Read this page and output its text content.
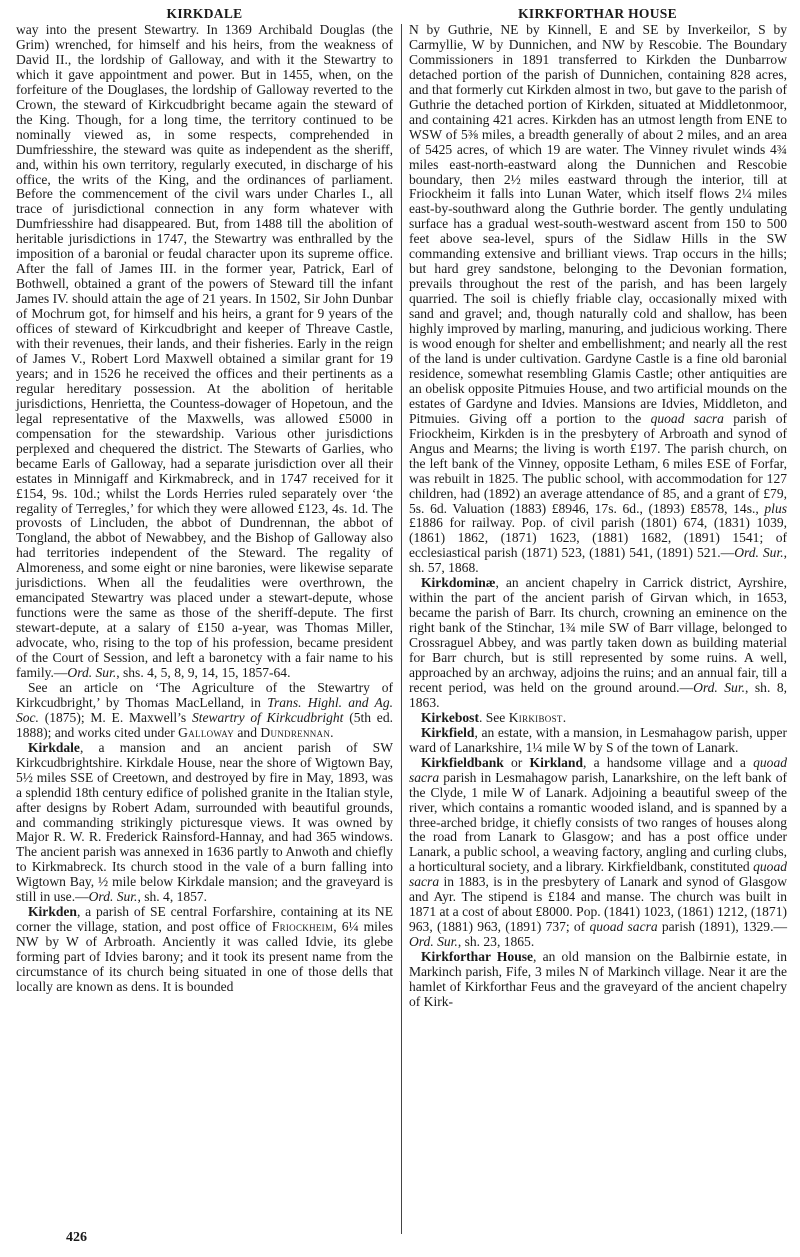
KIRKDALE	KIRKFORTHAR HOUSE

way into the present Stewartry. In 1369 Archibald Douglas (the Grim) wrenched, for himself and his heirs, from the weakness of David II., the lordship of Galloway, and with it the Stewartry to which it gave appointment and power. But in 1455, when, on the forfeiture of the Douglases, the lordship of Galloway reverted to the Crown, the steward of Kirkcudbright became again the steward of the King. Though, for a long time, the territory continued to be nominally viewed as, in some respects, comprehended in Dumfriesshire, the steward was quite as independent as the sheriff, and, within his own territory, regularly executed, in discharge of his office, the writs of the King, and the ordinances of parliament. Before the commencement of the civil wars under Charles I., all trace of jurisdictional connection in any form whatever with Dumfriesshire had disappeared. But, from 1488 till the abolition of heritable jurisdictions in 1747, the Stewartry was enthralled by the imposition of a baronial or feudal character upon its supreme office. After the fall of James III. in the former year, Patrick, Earl of Bothwell, obtained a grant of the powers of Steward till the infant James IV. should attain the age of 21 years. In 1502, Sir John Dunbar of Mochrum got, for himself and his heirs, a grant for 9 years of the offices of steward of Kirkcudbright and keeper of Threave Castle, with their revenues, their lands, and their fisheries. Early in the reign of James V., Robert Lord Maxwell obtained a similar grant for 19 years; and in 1526 he received the offices and their pertinents as a regular hereditary possession. At the abolition of heritable jurisdictions, Henrietta, the Countess-dowager of Hopetoun, and the legal representative of the Maxwells, was allowed £5000 in compensation for the stewardship. Various other jurisdictions perplexed and chequered the district. The Stewarts of Garlies, who became Earls of Galloway, had a separate jurisdiction over all their estates in Minnigaff and Kirkmabreck, and in 1747 received for it £154, 9s. 10d.; whilst the Lords Herries ruled separately over ‘the regality of Terregles,’ for which they were allowed £123, 4s. 1d. The provosts of Lincluden, the abbot of Dundrennan, the abbot of Tongland, the abbot of Newabbey, and the Bishop of Galloway also had territories independent of the Steward. The regality of Almoreness, and some eight or nine baronies, were likewise separate jurisdictions. When all the feudalities were overthrown, the emancipated Stewartry was placed under a stewart-depute, whose functions were the same as those of the sheriff-depute. The first stewart-depute, at a salary of £150 a-year, was Thomas Miller, advocate, who, rising to the top of his profession, became president of the Court of Session, and left a baronetcy with a fair name to his family.—Ord. Sur., shs. 4, 5, 8, 9, 14, 15, 1857-64.

See an article on ‘The Agriculture of the Stewartry of Kirkcudbright,’ by Thomas MacLelland, in Trans. Highl. and Ag. Soc. (1875); M. E. Maxwell’s Stewartry of Kirkcudbright (5th ed. 1888); and works cited under Galloway and Dundrennan.

Kirkdale, a mansion and an ancient parish of SW Kirkcudbrightshire. Kirkdale House, near the shore of Wigtown Bay, 5½ miles SSE of Creetown, and destroyed by fire in May, 1893, was a splendid 18th century edifice of polished granite in the Italian style, after designs by Robert Adam, surrounded with beautiful grounds, and commanding strikingly picturesque views. It was owned by Major R. W. R. Frederick Rainsford-Hannay, and had 365 windows. The ancient parish was annexed in 1636 partly to Anwoth and chiefly to Kirkmabreck. Its church stood in the vale of a burn falling into Wigtown Bay, ½ mile below Kirkdale mansion; and the graveyard is still in use.—Ord. Sur., sh. 4, 1857.

Kirkden, a parish of SE central Forfarshire, containing at its NE corner the village, station, and post office of Friockheim, 6¼ miles NW by W of Arbroath. Anciently it was called Idvie, its glebe forming part of Idvies barony; and it took its present name from the circumstance of its church being situated in one of those dells that locally are known as dens. It is bounded

N by Guthrie, NE by Kinnell, E and SE by Inverkeilor, S by Carmyllie, W by Dunnichen, and NW by Rescobie. The Boundary Commissioners in 1891 transferred to Kirkden the Dunbarrow detached portion of the parish of Dunnichen, containing 828 acres, and that formerly cut Kirkden almost in two, but gave to the parish of Guthrie the detached portion of Kirkden, situated at Middletonmoor, and containing 421 acres. Kirkden has an utmost length from ENE to WSW of 5⅜ miles, a breadth generally of about 2 miles, and an area of 5425 acres, of which 19 are water. The Vinney rivulet winds 4¾ miles east-north-eastward along the Dunnichen and Rescobie boundary, then 2½ miles eastward through the interior, till at Friockheim it falls into Lunan Water, which itself flows 2¼ miles east-by-southward along the Guthrie border. The gently undulating surface has a gradual west-south-westward ascent from 150 to 500 feet above sea-level, spurs of the Sidlaw Hills in the SW commanding extensive and brilliant views. Trap occurs in the hills; but hard grey sandstone, belonging to the Devonian formation, prevails throughout the rest of the parish, and has been largely quarried. The soil is chiefly friable clay, occasionally mixed with sand and gravel; and, though naturally cold and shallow, has been highly improved by marling, manuring, and judicious working. There is wood enough for shelter and embellishment; and nearly all the rest of the land is under cultivation. Gardyne Castle is a fine old baronial residence, somewhat resembling Glamis Castle; other antiquities are an obelisk opposite Pitmuies House, and two artificial mounds on the estates of Gardyne and Idvies. Mansions are Idvies, Middleton, and Pitmuies. Giving off a portion to the quoad sacra parish of Friockheim, Kirkden is in the presbytery of Arbroath and synod of Angus and Mearns; the living is worth £197. The parish church, on the left bank of the Vinney, opposite Letham, 6 miles ESE of Forfar, was rebuilt in 1825. The public school, with accommodation for 127 children, had (1892) an average attendance of 85, and a grant of £79, 5s. 6d. Valuation (1883) £8946, 17s. 6d., (1893) £8578, 14s., plus £1886 for railway. Pop. of civil parish (1801) 674, (1831) 1039, (1861) 1862, (1871) 1623, (1881) 1682, (1891) 1541; of ecclesiastical parish (1871) 523, (1881) 541, (1891) 521.—Ord. Sur., sh. 57, 1868.

Kirkdominæ, an ancient chapelry in Carrick district, Ayrshire, within the part of the ancient parish of Girvan which, in 1653, became the parish of Barr. Its church, crowning an eminence on the right bank of the Stinchar, 1¾ mile SW of Barr village, belonged to Crossraguel Abbey, and was partly taken down as building material for Barr church, but is still represented by some ruins. A well, approached by an archway, adjoins the ruins; and an annual fair, till a recent period, was held on the ground around.—Ord. Sur., sh. 8, 1863.

Kirkebost. See Kirkibost.

Kirkfield, an estate, with a mansion, in Lesmahagow parish, upper ward of Lanarkshire, 1¼ mile W by S of the town of Lanark.

Kirkfieldbank or Kirkland, a handsome village and a quoad sacra parish in Lesmahagow parish, Lanarkshire, on the left bank of the Clyde, 1 mile W of Lanark. Adjoining a beautiful sweep of the river, which contains a romantic wooded island, and is spanned by a three-arched bridge, it chiefly consists of two ranges of houses along the road from Lanark to Glasgow; and has a post office under Lanark, a public school, a weaving factory, angling and curling clubs, a horticultural society, and a library. Kirkfieldbank, constituted quoad sacra in 1883, is in the presbytery of Lanark and synod of Glasgow and Ayr. The stipend is £184 and manse. The church was built in 1871 at a cost of about £8000. Pop. (1841) 1023, (1861) 1212, (1871) 963, (1881) 963, (1891) 737; of quoad sacra parish (1891), 1329.—Ord. Sur., sh. 23, 1865.

Kirkforthar House, an old mansion on the Balbirnie estate, in Markinch parish, Fife, 3 miles N of Markinch village. Near it are the hamlet of Kirkforthar Feus and the graveyard of the ancient chapelry of Kirk-

426
